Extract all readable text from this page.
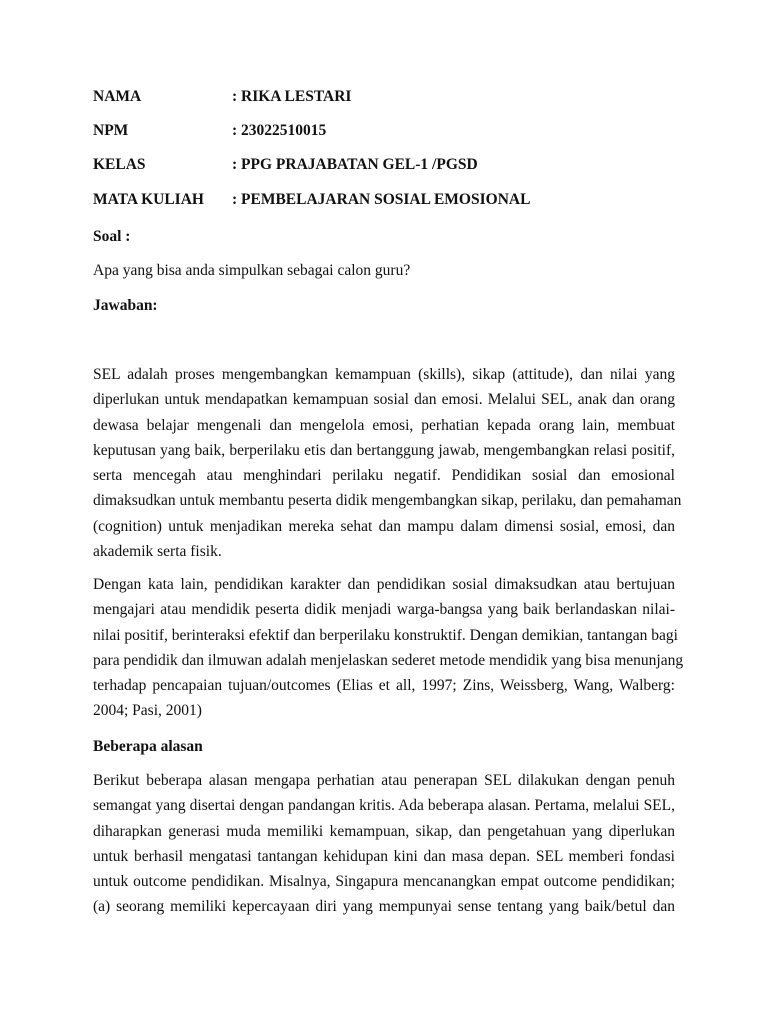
NAMA	: RIKA LESTARI
NPM	: 23022510015
KELAS	: PPG PRAJABATAN GEL-1 /PGSD
MATA KULIAH : PEMBELAJARAN SOSIAL EMOSIONAL
Soal :
Apa yang bisa anda simpulkan sebagai calon guru?
Jawaban:
SEL adalah proses mengembangkan kemampuan (skills), sikap (attitude), dan nilai yang
diperlukan untuk mendapatkan kemampuan sosial dan emosi. Melalui SEL, anak dan orang
dewasa belajar mengenali dan mengelola emosi, perhatian kepada orang lain, membuat
keputusan yang baik, berperilaku etis dan bertanggung jawab, mengembangkan relasi positif,
serta mencegah atau menghindari perilaku negatif. Pendidikan sosial dan emosional
dimaksudkan untuk membantu peserta didik mengembangkan sikap, perilaku, dan pemahaman
(cognition) untuk menjadikan mereka sehat dan mampu dalam dimensi sosial, emosi, dan
akademik serta fisik.
Dengan kata lain, pendidikan karakter dan pendidikan sosial dimaksudkan atau bertujuan
mengajari atau mendidik peserta didik menjadi warga-bangsa yang baik berlandaskan nilai-
nilai positif, berinteraksi efektif dan berperilaku konstruktif. Dengan demikian, tantangan bagi
para pendidik dan ilmuwan adalah menjelaskan sederet metode mendidik yang bisa menunjang
terhadap pencapaian tujuan/outcomes (Elias et all, 1997; Zins, Weissberg, Wang, Walberg:
2004; Pasi, 2001)
Beberapa alasan
Berikut beberapa alasan mengapa perhatian atau penerapan SEL dilakukan dengan penuh
semangat yang disertai dengan pandangan kritis. Ada beberapa alasan. Pertama, melalui SEL,
diharapkan generasi muda memiliki kemampuan, sikap, dan pengetahuan yang diperlukan
untuk berhasil mengatasi tantangan kehidupan kini dan masa depan. SEL memberi fondasi
untuk outcome pendidikan. Misalnya, Singapura mencanangkan empat outcome pendidikan;
(a) seorang memiliki kepercayaan diri yang mempunyai sense tentang yang baik/betul dan
